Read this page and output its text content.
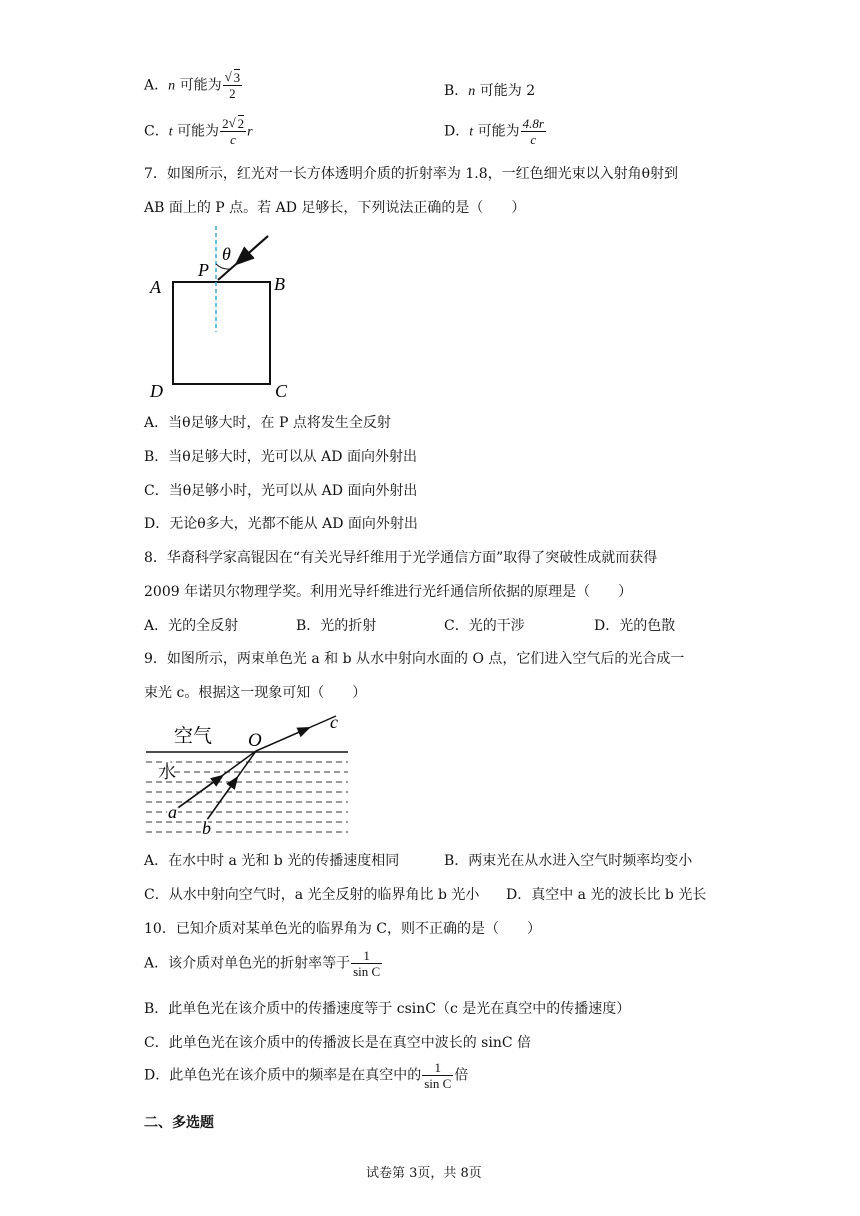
A．n 可能为 √ $\frac{3}{2}$	B．n 可能为 2
C．t 可能为 $\frac{2 √ 2}{c}$ r	D．t 可能为 $\frac{4.8r}{c}$
7．如图所示，红光对一长方体透明介质的折射率为 1.8，一红色细光束以入射角θ射到
AB 面上的 P 点。若 AD 足够长，下列说法正确的是（　　）
P
θ
A	B
C
D
A．当θ足够大时，在 P 点将发生全反射
B．当θ足够大时，光可以从 AD 面向外射出
C．当θ足够小时，光可以从 AD 面向外射出
D．无论θ多大，光都不能从 AD 面向外射出
8．华裔科学家高锟因在“有关光导纤维用于光学通信方面”取得了突破性成就而获得
2009 年诺贝尔物理学奖。利用光导纤维进行光纤通信所依据的原理是（　　）
A．光的全反射	B．光的折射	C．光的干涉	D．光的色散
9．如图所示，两束单色光 a 和 b 从水中射向水面的 O 点，它们进入空气后的光合成一
束光 c。根据这一现象可知（　　）
空气
水
O
a
b
c
A．在水中时 a 光和 b 光的传播速度相同	B．两束光在从水进入空气时频率均变小
C．从水中射向空气时，a 光全反射的临界角比 b 光小 D．真空中 a 光的波长比 b 光长
10．已知介质对某单色光的临界角为 C，则不正确的是（　　）
A．该介质对单色光的折射率等于 $\frac{1}{\text{sin C}}$
B．此单色光在该介质中的传播速度等于 csinC（c 是光在真空中的传播速度）
C．此单色光在该介质中的传播波长是在真空中波长的 sinC 倍
D．此单色光在该介质中的频率是在真空中的 $\frac{1}{\text{sin C}}$ 倍
二、多选题
试卷第 3页，共 8页
